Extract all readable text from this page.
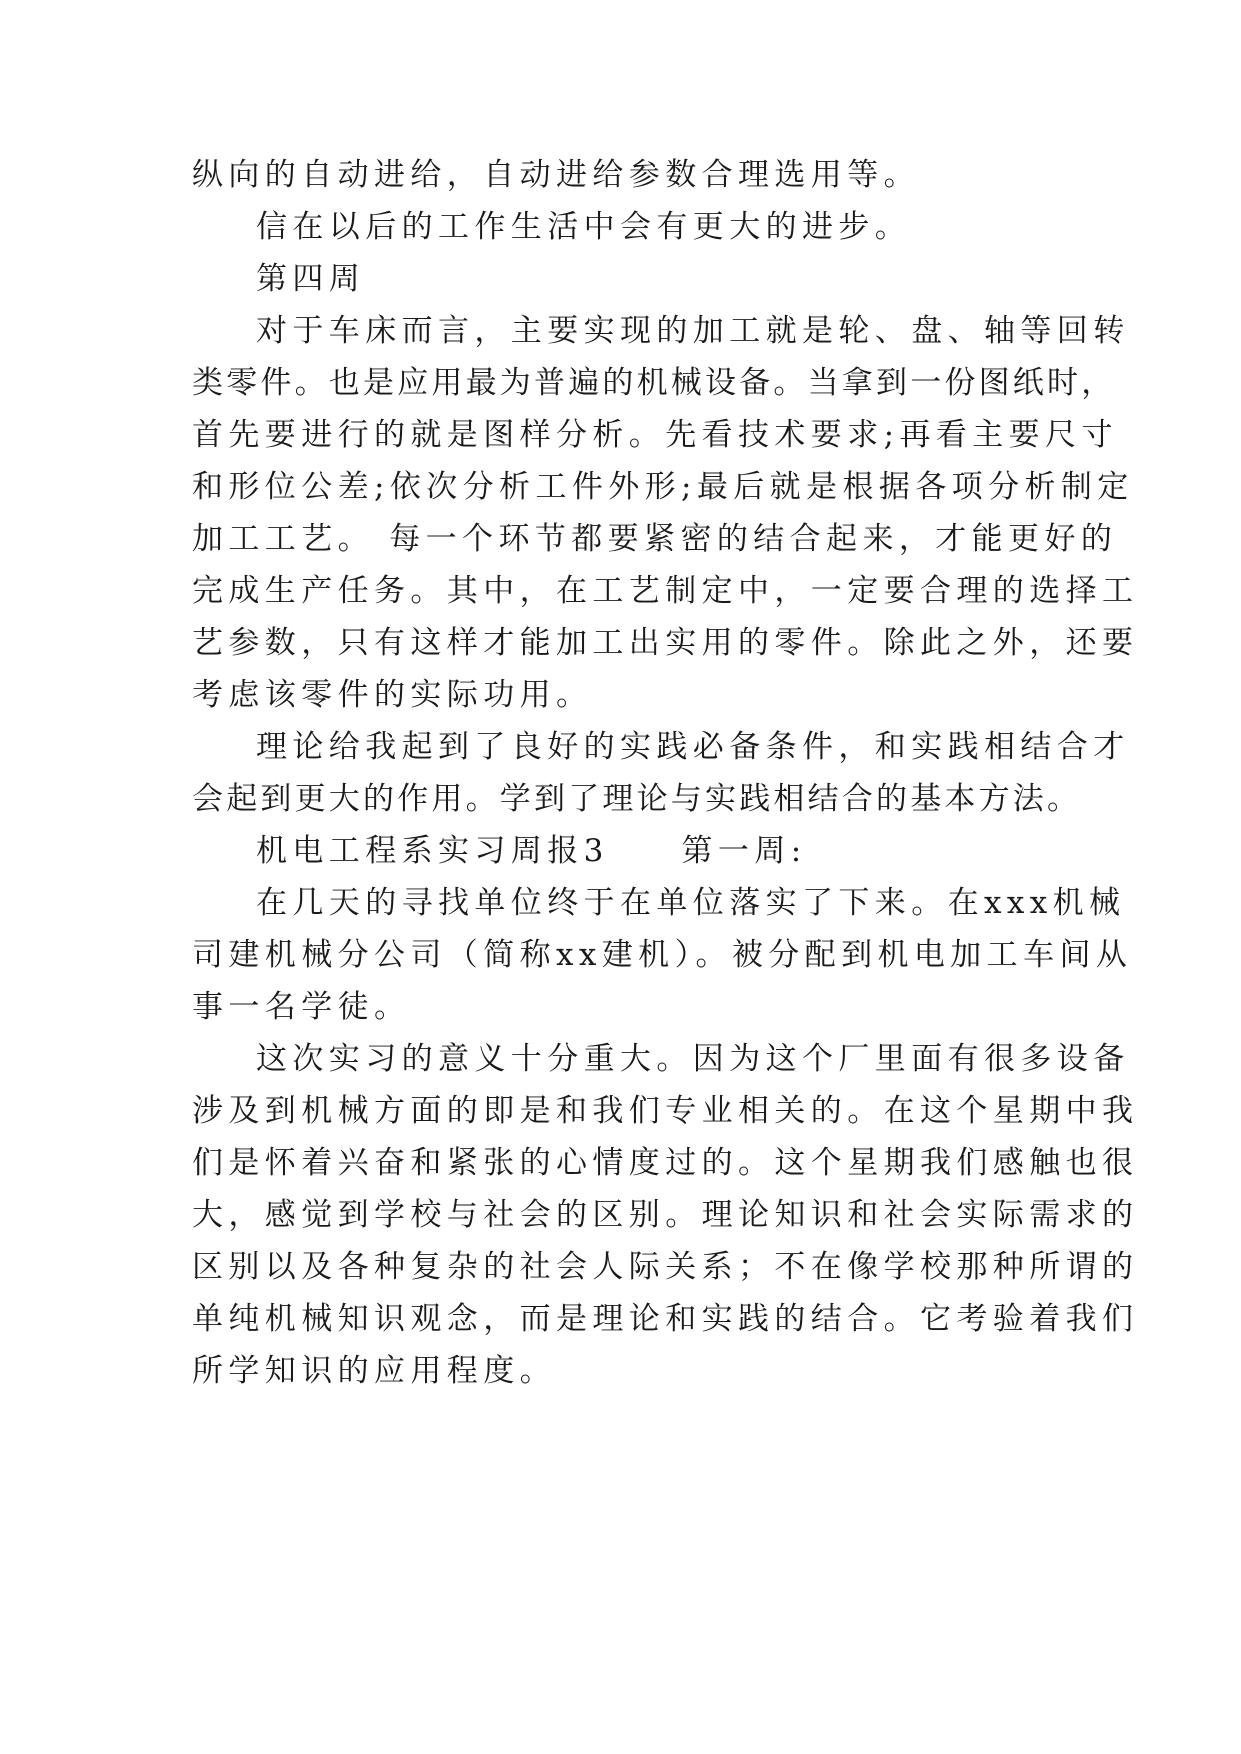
纵向的自动进给，自动进给参数合理选用等。
信在以后的工作生活中会有更大的进步。
第四周
对于车床而言，主要实现的加工就是轮、盘、轴等回转
类零件。也是应用最为普遍的机械设备。当拿到一份图纸时，
首先要进行的就是图样分析。先看技术要求;再看主要尺寸
和形位公差;依次分析工件外形;最后就是根据各项分析制定
加工工艺。 每一个环节都要紧密的结合起来，才能更好的
完成生产任务。其中，在工艺制定中，一定要合理的选择工
艺参数，只有这样才能加工出实用的零件。除此之外，还要
考虑该零件的实际功用。
理论给我起到了良好的实践必备条件，和实践相结合才
会起到更大的作用。学到了理论与实践相结合的基本方法。
机电工程系实习周报3　　第一周:
在几天的寻找单位终于在单位落实了下来。在xxx机械
司建机械分公司（简称xx建机）。被分配到机电加工车间从
事一名学徒。
这次实习的意义十分重大。因为这个厂里面有很多设备
涉及到机械方面的即是和我们专业相关的。在这个星期中我
们是怀着兴奋和紧张的心情度过的。这个星期我们感触也很
大，感觉到学校与社会的区别。理论知识和社会实际需求的
区别以及各种复杂的社会人际关系；不在像学校那种所谓的
单纯机械知识观念，而是理论和实践的结合。它考验着我们
所学知识的应用程度。
